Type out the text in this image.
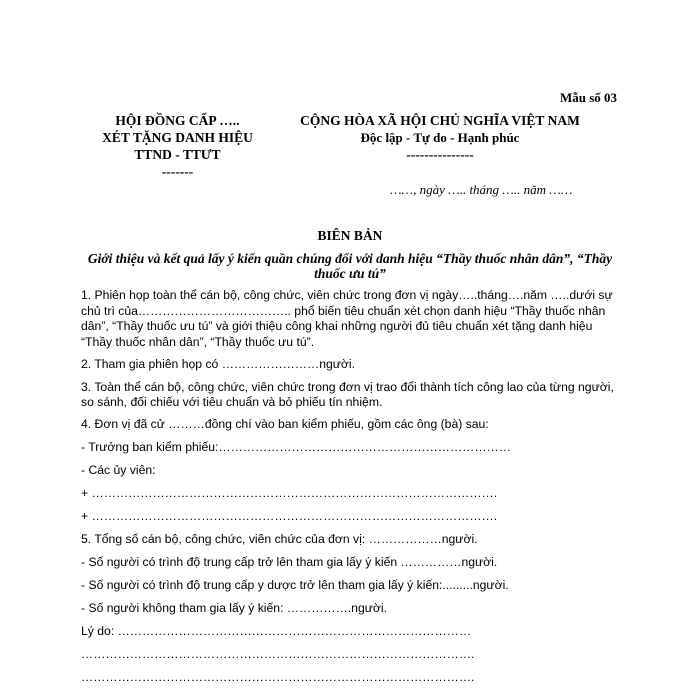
Mẫu số 03
HỘI ĐỒNG CẤP …..
XÉT TẶNG DANH HIỆU
TTND - TTƯT
-------
CỘNG HÒA XÃ HỘI CHỦ NGHĨA VIỆT NAM
Độc lập - Tự do - Hạnh phúc
---------------
……, ngày ….. tháng ….. năm ……
BIÊN BẢN
Giới thiệu và kết quả lấy ý kiến quần chúng đối với danh hiệu “Thầy thuốc nhân dân”, “Thầy thuốc ưu tú”

1. Phiên họp toàn thể cán bộ, công chức, viên chức trong đơn vị ngày…..tháng….năm …..dưới sự chủ trì của……………………………….. phổ biến tiêu chuẩn xét chọn danh hiệu “Thầy thuốc nhân dân”, “Thầy thuốc ưu tú” và giới thiệu công khai những người đủ tiêu chuẩn xét tặng danh hiệu “Thầy thuốc nhân dân”, “Thầy thuốc ưu tú”.

2. Tham gia phiên họp có ……………………người.

3. Toàn thể cán bộ, công chức, viên chức trong đơn vị trao đổi thành tích công lao của từng người, so sánh, đối chiếu với tiêu chuẩn và bỏ phiếu tín nhiệm.

4. Đơn vị đã cử ………đồng chí vào ban kiểm phiếu, gồm các ông (bà) sau:
- Trưởng ban kiểm phiếu:………………………………………………………………
- Các ủy viên:
+ ……………………………………………………………………………………….
+ ……………………………………………………………………………………….
5. Tổng số cán bộ, công chức, viên chức của đơn vị: ………………người.
- Số người có trình độ trung cấp trở lên tham gia lấy ý kiến ……………người.
- Số người có trình độ trung cấp y dược trở lên tham gia lấy ý kiến:.........người.
- Số người không tham gia lấy ý kiến: …………….người.
Lý do: ……………………………………………………………………………
…………………………………………………………………………………….
…………………………………………………………………………………….
